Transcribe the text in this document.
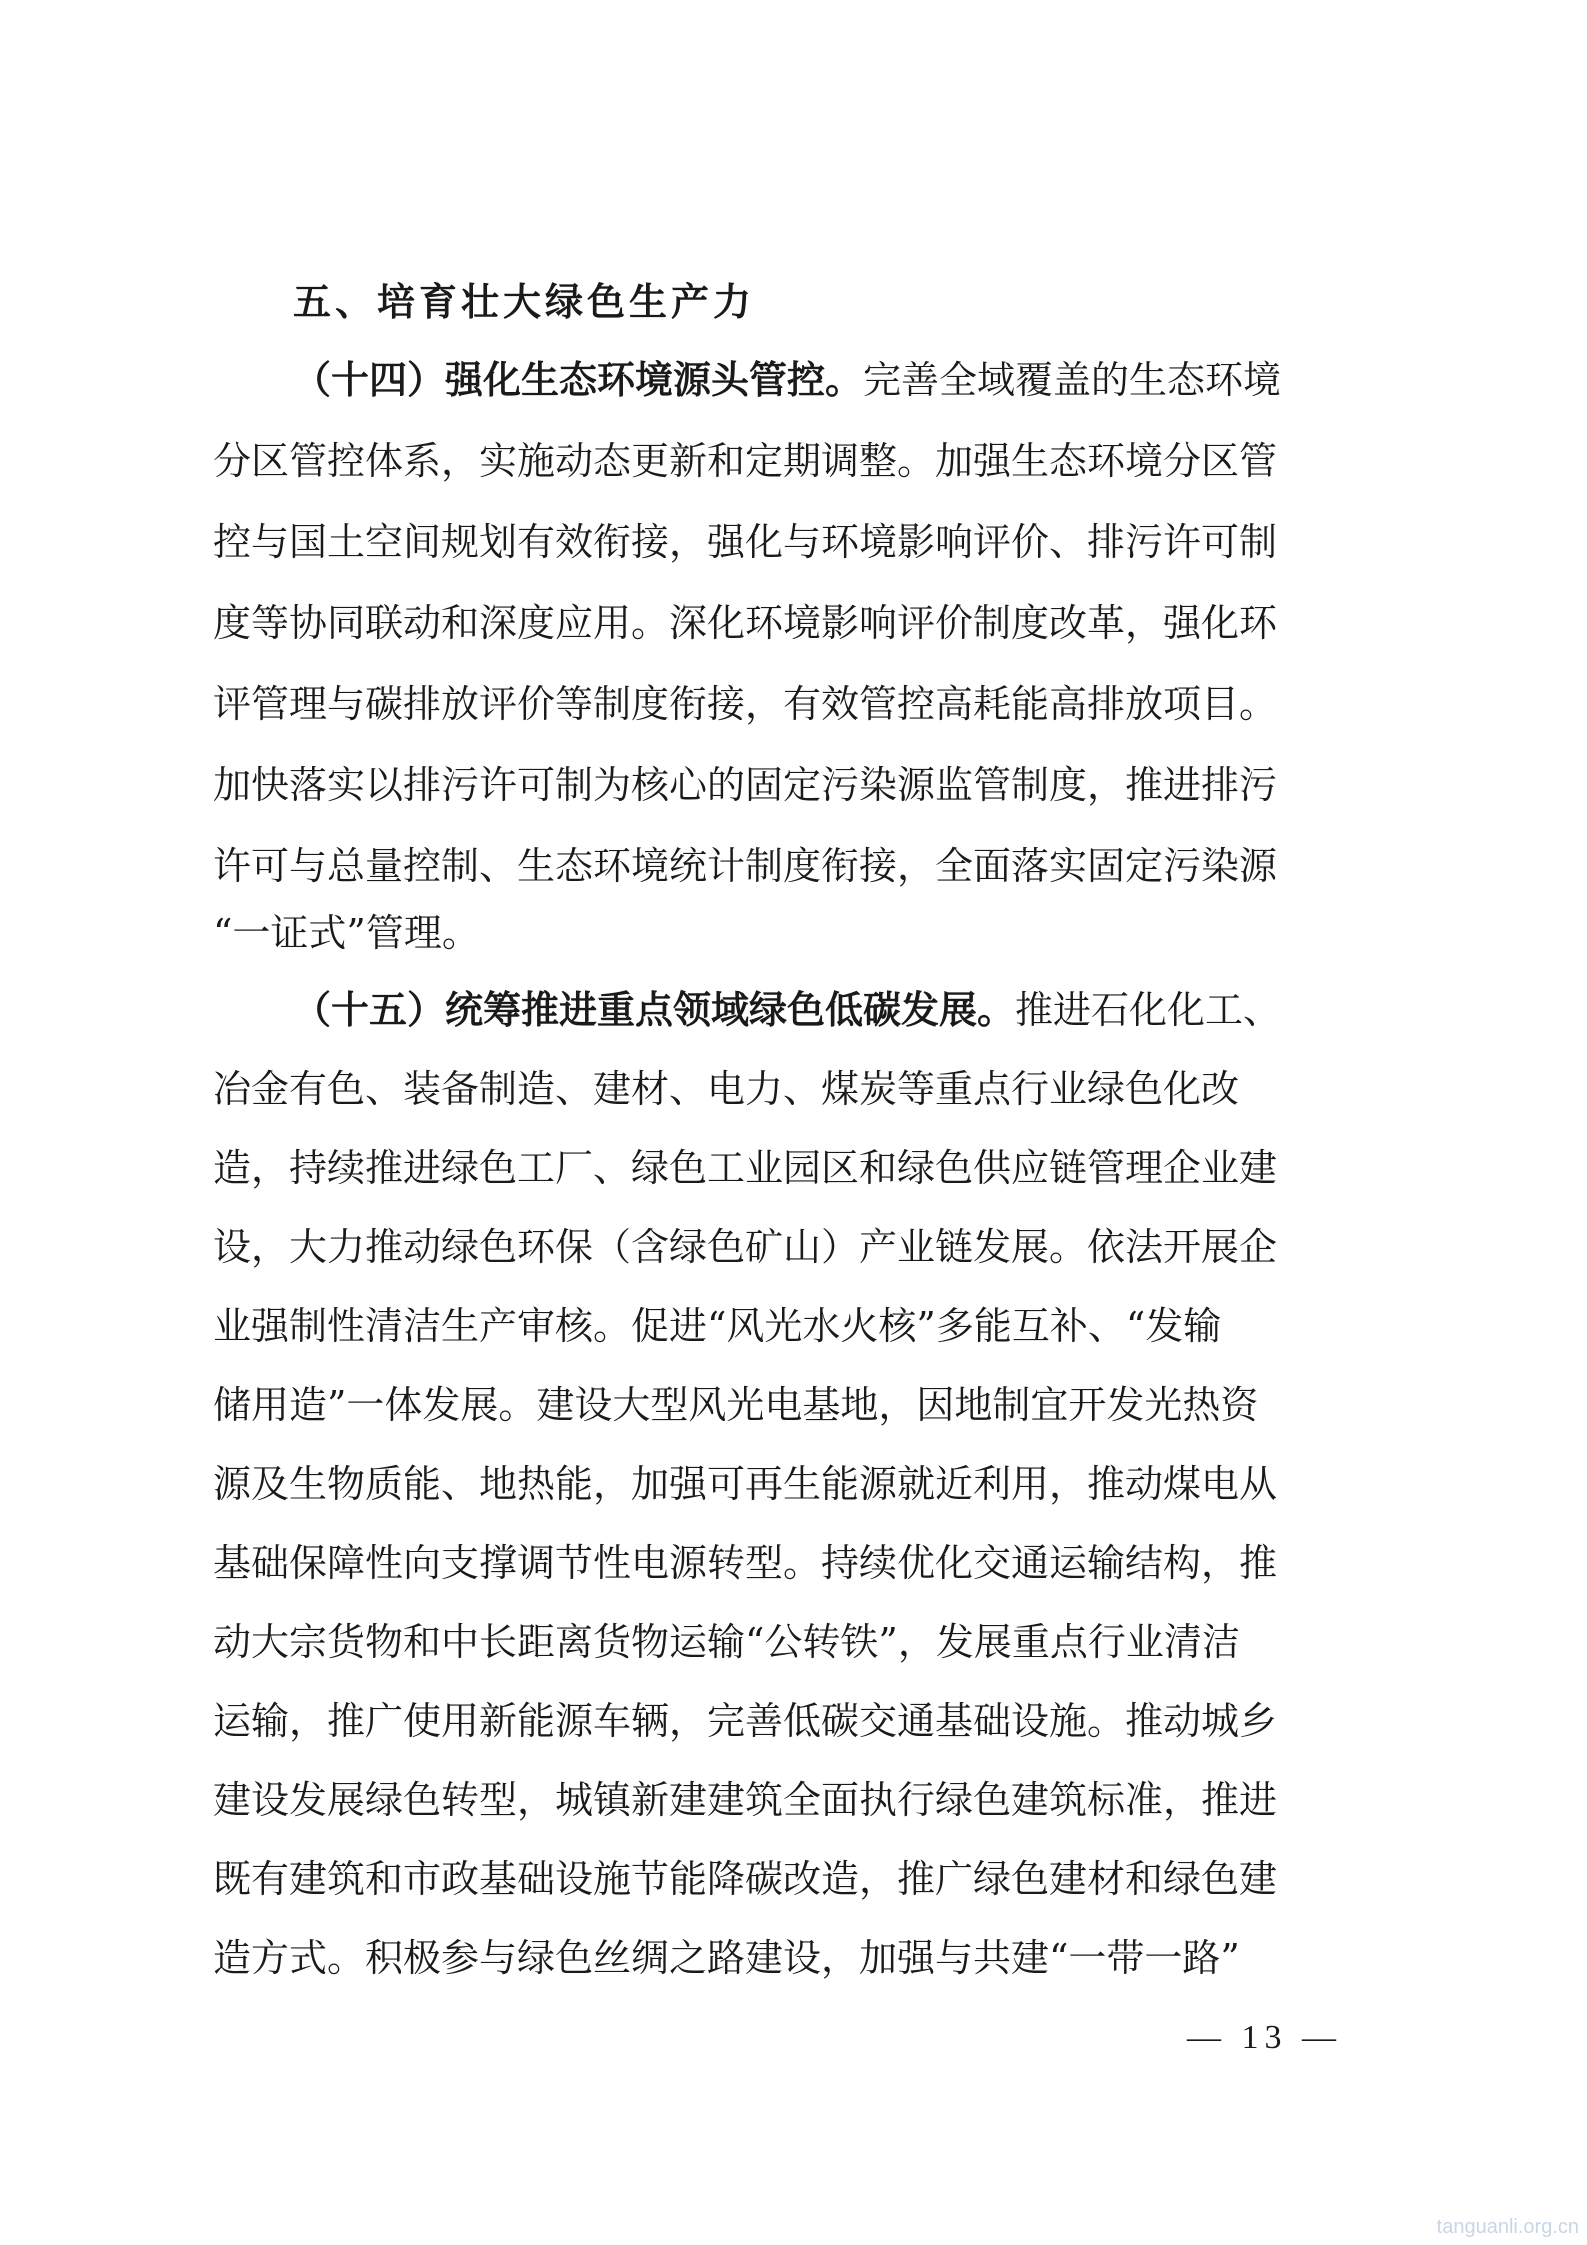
五、培育壮大绿色生产力
（十四）强化生态环境源头管控。完善全域覆盖的生态环境
分区管控体系，实施动态更新和定期调整。加强生态环境分区管
控与国土空间规划有效衔接，强化与环境影响评价、排污许可制
度等协同联动和深度应用。深化环境影响评价制度改革，强化环
评管理与碳排放评价等制度衔接，有效管控高耗能高排放项目。
加快落实以排污许可制为核心的固定污染源监管制度，推进排污
许可与总量控制、生态环境统计制度衔接，全面落实固定污染源
“一证式”管理。
（十五）统筹推进重点领域绿色低碳发展。推进石化化工、
冶金有色、装备制造、建材、电力、煤炭等重点行业绿色化改
造，持续推进绿色工厂、绿色工业园区和绿色供应链管理企业建
设，大力推动绿色环保（含绿色矿山）产业链发展。依法开展企
业强制性清洁生产审核。促进“风光水火核”多能互补、“发输
储用造”一体发展。建设大型风光电基地，因地制宜开发光热资
源及生物质能、地热能，加强可再生能源就近利用，推动煤电从
基础保障性向支撑调节性电源转型。持续优化交通运输结构，推
动大宗货物和中长距离货物运输“公转铁”，发展重点行业清洁
运输，推广使用新能源车辆，完善低碳交通基础设施。推动城乡
建设发展绿色转型，城镇新建建筑全面执行绿色建筑标准，推进
既有建筑和市政基础设施节能降碳改造，推广绿色建材和绿色建
造方式。积极参与绿色丝绸之路建设，加强与共建“一带一路”
— 13 —
tanguanli.org.cn
